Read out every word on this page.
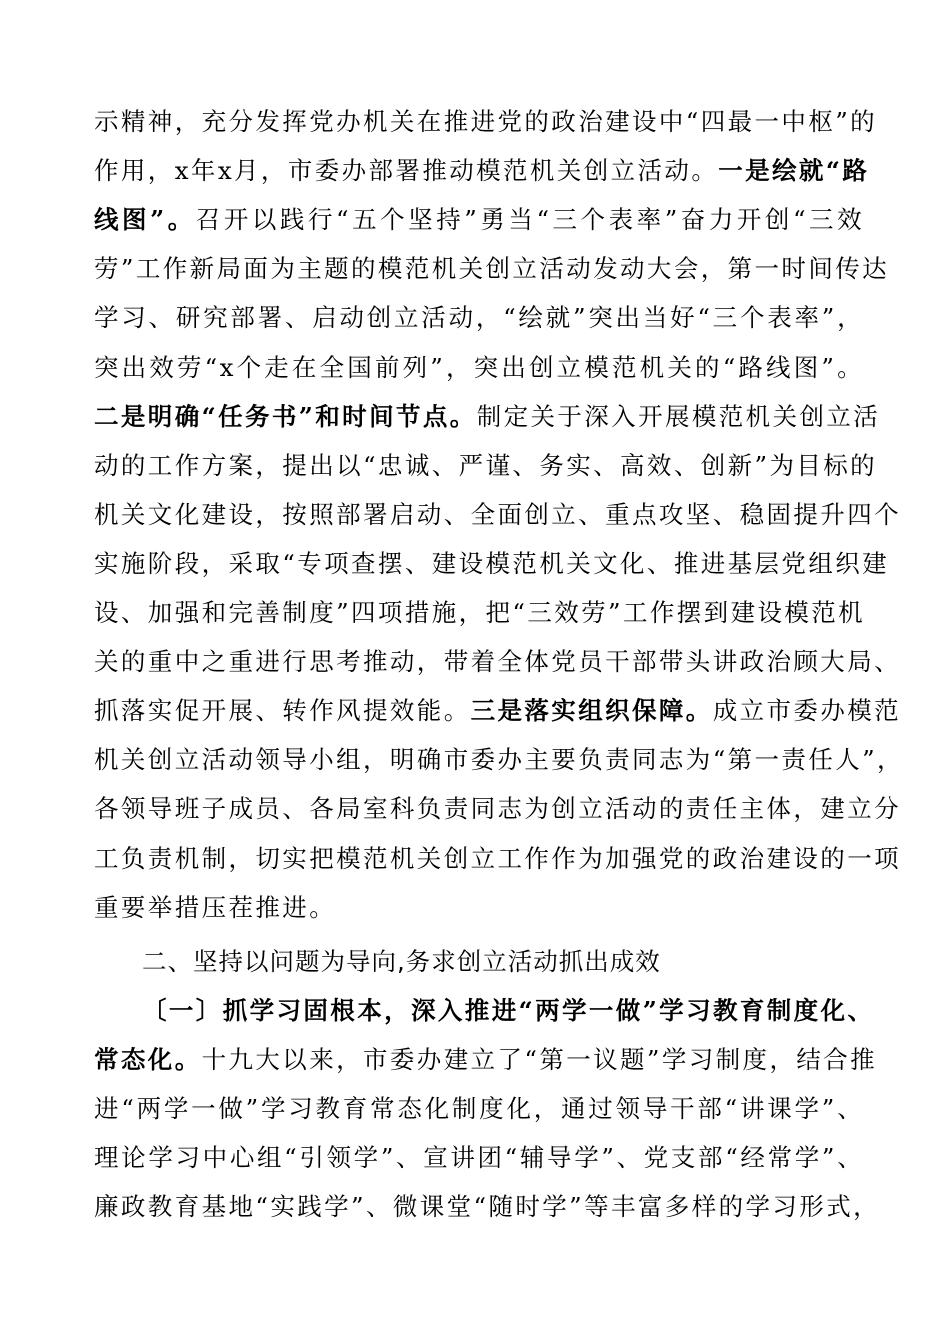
示精神，充分发挥党办机关在推进党的政治建设中“四最一中枢”的
作用，x年x月，市委办部署推动模范机关创立活动。一是绘就“路
线图”。召开以践行“五个坚持”勇当“三个表率”奋力开创“三效
劳”工作新局面为主题的模范机关创立活动发动大会，第一时间传达
学习、研究部署、启动创立活动，“绘就”突出当好“三个表率”，
突出效劳“x个走在全国前列”，突出创立模范机关的“路线图”。
二是明确“任务书”和时间节点。制定关于深入开展模范机关创立活
动的工作方案，提出以“忠诚、严谨、务实、高效、创新”为目标的
机关文化建设，按照部署启动、全面创立、重点攻坚、稳固提升四个
实施阶段，采取“专项查摆、建设模范机关文化、推进基层党组织建
设、加强和完善制度”四项措施，把“三效劳”工作摆到建设模范机
关的重中之重进行思考推动，带着全体党员干部带头讲政治顾大局、
抓落实促开展、转作风提效能。三是落实组织保障。成立市委办模范
机关创立活动领导小组，明确市委办主要负责同志为“第一责任人”，
各领导班子成员、各局室科负责同志为创立活动的责任主体，建立分
工负责机制，切实把模范机关创立工作作为加强党的政治建设的一项
重要举措压茬推进。
二、坚持以问题为导向,务求创立活动抓出成效
〔一〕抓学习固根本，深入推进“两学一做”学习教育制度化、
常态化。十九大以来，市委办建立了“第一议题”学习制度，结合推
进“两学一做”学习教育常态化制度化，通过领导干部“讲课学”、
理论学习中心组“引领学”、宣讲团“辅导学”、党支部“经常学”、
廉政教育基地“实践学”、微课堂“随时学”等丰富多样的学习形式，
